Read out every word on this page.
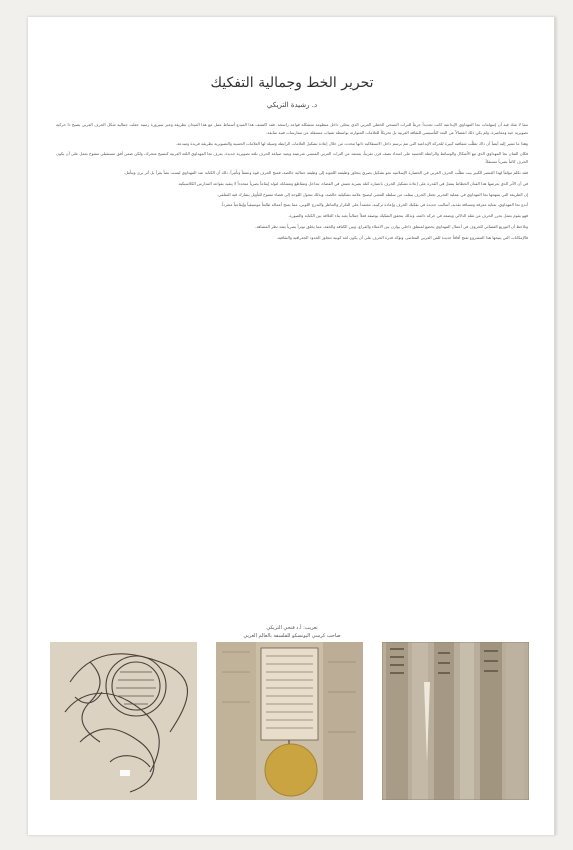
تحرير الخط وجمالية التفكيك
د. رشيدة التريكي

مما لا شك فيه أن إسهامات نجا المهداوي الإبداعية كانت تجديداً جريئاً للتراث النسخي الخطي العربي الذي يتخلى داخل منظومة متشكلة قواعد راسخة. فقد اكتشف هذا المبدع أسماط عمل مع هذا الميدان بطريقة وعبر سيرورة زمنية جعلت جمالية شكل الحرف العربي يصبح ذا حركية تصويرية حية ومعاصرة، ولم يكن ذلك انفصالاً عن البعد التأسيسي للثقافة العربية بل تحريكاً للعلامات المتوارثة بواسطة تقنيات مستقلة عن ممارسات فنية سابقة.

وهذا ما تشير إليه أيضاً أن ذاك تطلّب شفافية كبيرة للحركة الإبداعية التي تتم برسم داخل الاستقلالية ذاتها تتحدث من خلال إعادة تشكيل العلامات الرابطة وسيلة لها العلامات الحسية والتصويرية بطريقة فريدة ومبدعة.

فكان الفنان نجا المهداوي الذي تبع الأشكال والوسائط والرابطة الحسية على امتداد نصف قرن تقريباً، يستمد من التراث العربي المنسي شرعيته ويعيد صياغة الحرف بلغة تصويرية جديدة. يعرف نجا المهداوي اللغة العربية كنسيج متحرك، ولكن ضمن أفق مستقبلي مفتوح يعمل على أن يكون الحرف كائناً بصرياً مستقلاً.

فقد تكلم مؤلفاً لهذا العنصر الكبير بيت تطلّب الحرف العربي في الحضارة الإسلامية نحو تشكيل بصري يتجاوز وظيفته اللغوية إلى وظيفة جمالية خالصة، فمنح الحرف قوة وعمقاً وتأثيراً. ذلك أن الكتابة عند المهداوي ليست نصاً يقرأ بل أثر يرى ويتأمل.

في أن الأثر الذي يعرضها هذا الفنان الخطاط يتمثل في القدرة على إعادة تشكيل الحرف باعتباره كتلة بصرية تعيش في الفضاء، تتداخل وتتقاطع وتتشابك لتولد إيقاعاً بصرياً متجدداً لا يتقيد بقواعد المدارس الكلاسيكية.

إن الطريقة التي ينتهجها نجا المهداوي في عملية التحرير تجعل الحرف ينفلت من سلطة المعنى ليصبح علامة تشكيلية خالصة، وبذلك تتحول اللوحة إلى فضاء مفتوح للتأويل يشارك فيه المتلقي.

أبدع نجا المهداوي، بعناية معرفة ومسافة نقدية، أساليب جديدة في تفكيك الحرف وإعادة تركيبه، معتمداً على التكرار والتناظر والتدرج اللوني، مما يمنح أعماله طابعاً موسيقياً وإيقاعياً متفرداً.

فهو يقوم بعمل يحرر الحرف من ثقله الدلالي ويضعه في حركة دائمة، وبذلك يتحقق التفكيك بوصفه فعلاً جمالياً يعيد بناء العلاقة بين الكتابة والصورة.

وتلاحظ أن التوزيع الفضائي للحروف في أعمال المهداوي يخضع لمنطق داخلي يوازن بين الامتلاء والفراغ، وبين الكثافة والخفة، مما يخلق توتراً بصرياً يشد نظر المشاهد.

فالإمكانات التي يتيحها هذا المشروع تفتح آفاقاً جديدة للفن العربي المعاصر، وتؤكد قدرة الحرف على أن يكون لغة كونية تتجاوز الحدود الجغرافية والثقافية.

تعريب: أ.د فتحي التريكي
صاحب كرسي اليونسكو للفلسفة بالعالم العربي
